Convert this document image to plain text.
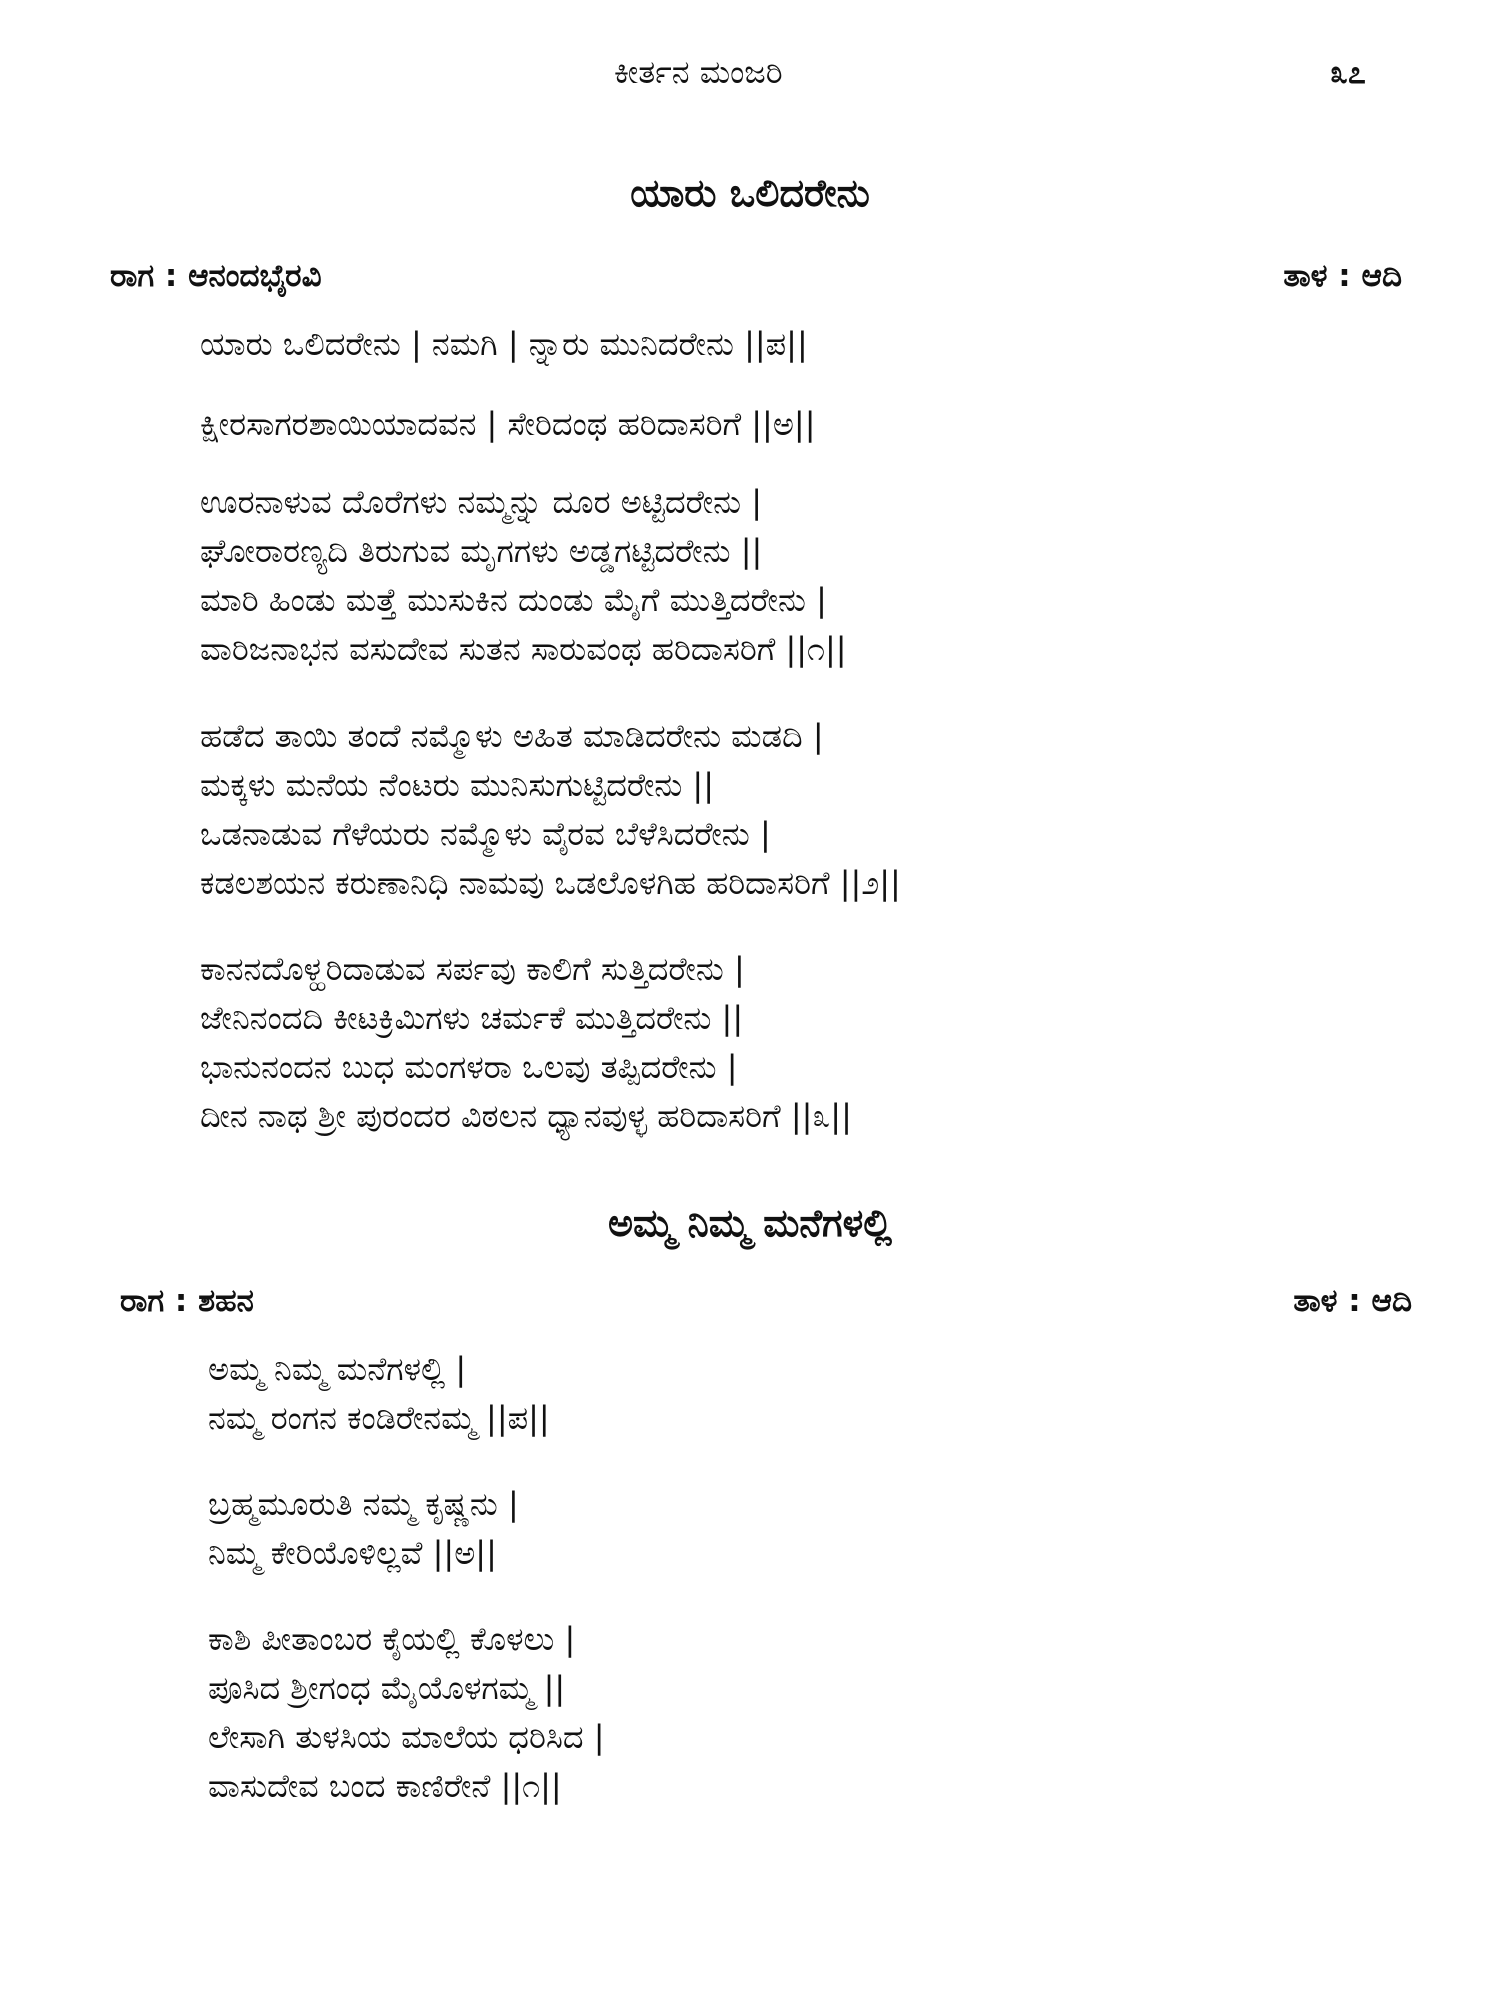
ಕೀರ್ತನ ಮಂಜರಿ	೩೭
ಯಾರು ಒಲಿದರೇನು
ರಾಗ : ಆನಂದಭೈರವಿ	ತಾಳ : ಆದಿ
ಯಾರು ಒಲಿದರೇನು | ನಮಗಿ | ನ್ನಾರು ಮುನಿದರೇನು ||ಪ||
ಕ್ಷೀರಸಾಗರಶಾಯಿಯಾದವನ | ಸೇರಿದಂಥ ಹರಿದಾಸರಿಗೆ ||ಅ||
ಊರನಾಳುವ ದೊರೆಗಳು ನಮ್ಮನ್ನು ದೂರ ಅಟ್ಟಿದರೇನು |
ಘೋರಾರಣ್ಯದಿ ತಿರುಗುವ ಮೃಗಗಳು ಅಡ್ಡಗಟ್ಟಿದರೇನು ||
ಮಾರಿ ಹಿಂಡು ಮತ್ತೆ ಮುಸುಕಿನ ದುಂಡು ಮೈಗೆ ಮುತ್ತಿದರೇನು |
ವಾರಿಜನಾಭನ ವಸುದೇವ ಸುತನ ಸಾರುವಂಥ ಹರಿದಾಸರಿಗೆ ||೧||
ಹಡೆದ ತಾಯಿ ತಂದೆ ನಮ್ಮೊಳು ಅಹಿತ ಮಾಡಿದರೇನು ಮಡದಿ |
ಮಕ್ಕಳು ಮನೆಯ ನೆಂಟರು ಮುನಿಸುಗುಟ್ಟಿದರೇನು ||
ಒಡನಾಡುವ ಗೆಳೆಯರು ನಮ್ಮೊಳು ವೈರವ ಬೆಳೆಸಿದರೇನು |
ಕಡಲಶಯನ ಕರುಣಾನಿಧಿ ನಾಮವು ಒಡಲೊಳಗಿಹ ಹರಿದಾಸರಿಗೆ ||೨||
ಕಾನನದೊಳ್ಹರಿದಾಡುವ ಸರ್ಪವು ಕಾಲಿಗೆ ಸುತ್ತಿದರೇನು |
ಜೇನಿನಂದದಿ ಕೀಟಕ್ರಿಮಿಗಳು ಚರ್ಮಕೆ ಮುತ್ತಿದರೇನು ||
ಭಾನುನಂದನ ಬುಧ ಮಂಗಳರಾ ಒಲವು ತಪ್ಪಿದರೇನು |
ದೀನ ನಾಥ ಶ್ರೀ ಪುರಂದರ ವಿಠಲನ ಧ್ಯಾನವುಳ್ಳ ಹರಿದಾಸರಿಗೆ ||೩||
ಅಮ್ಮ ನಿಮ್ಮ ಮನೆಗಳಲ್ಲಿ
ರಾಗ : ಶಹನ	ತಾಳ : ಆದಿ
ಅಮ್ಮ ನಿಮ್ಮ ಮನೆಗಳಲ್ಲಿ |
ನಮ್ಮ ರಂಗನ ಕಂಡಿರೇನಮ್ಮ ||ಪ||
ಬ್ರಹ್ಮಮೂರುತಿ ನಮ್ಮ ಕೃಷ್ಣನು |
ನಿಮ್ಮ ಕೇರಿಯೊಳಿಲ್ಲವೆ ||ಅ||
ಕಾಶಿ ಪೀತಾಂಬರ ಕೈಯಲ್ಲಿ ಕೊಳಲು |
ಪೂಸಿದ ಶ್ರೀಗಂಧ ಮೈಯೊಳಗಮ್ಮ ||
ಲೇಸಾಗಿ ತುಳಸಿಯ ಮಾಲೆಯ ಧರಿಸಿದ |
ವಾಸುದೇವ ಬಂದ ಕಾಣಿರೇನೆ ||೧||
